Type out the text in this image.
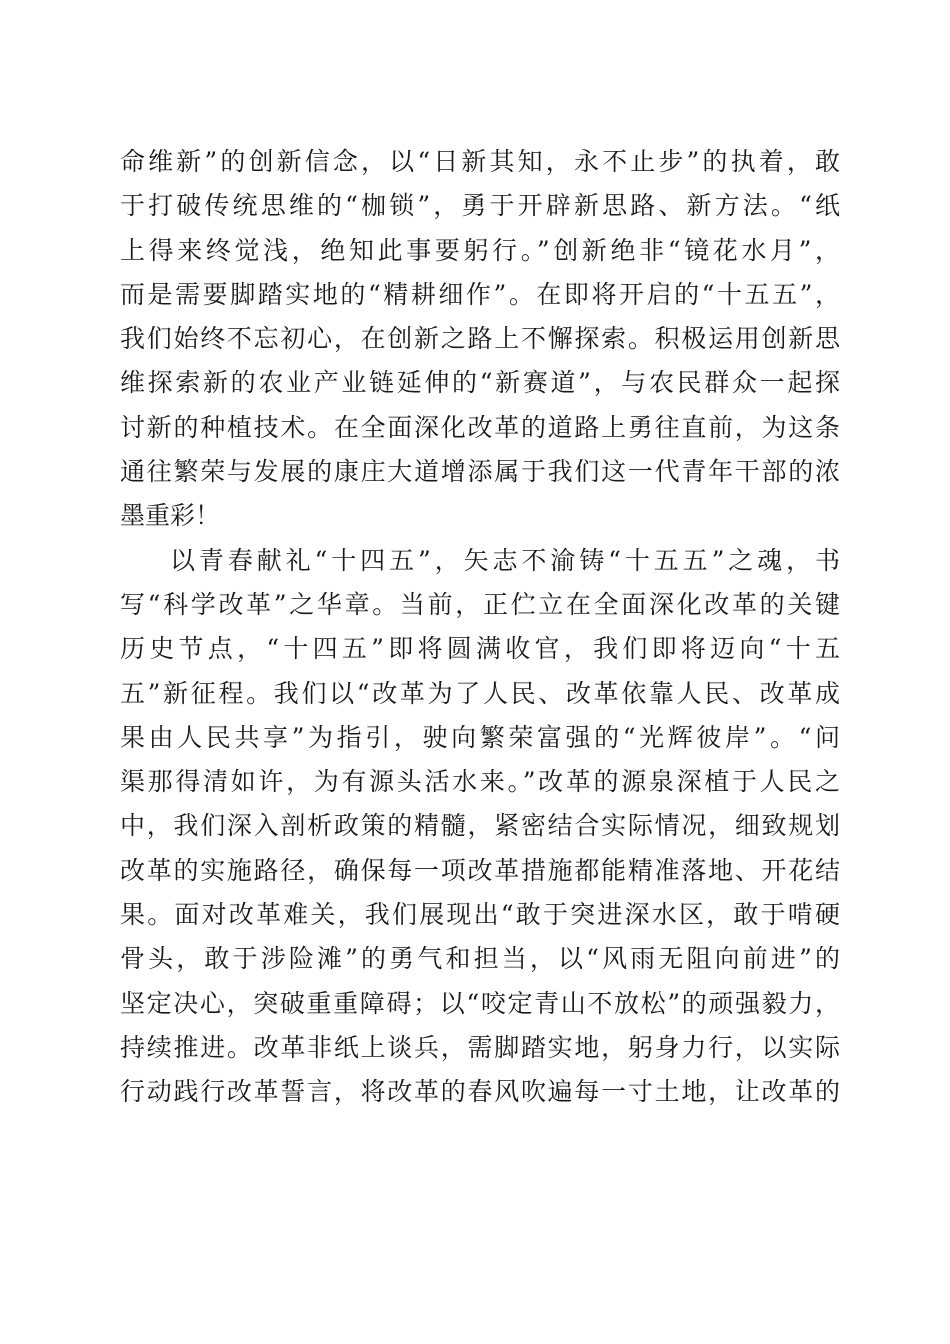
命维新”的创新信念，以“日新其知，永不止步”的执着，敢
于打破传统思维的“枷锁”，勇于开辟新思路、新方法。“纸
上得来终觉浅，绝知此事要躬行。”创新绝非“镜花水月”，
而是需要脚踏实地的“精耕细作”。在即将开启的“十五五”，
我们始终不忘初心，在创新之路上不懈探索。积极运用创新思
维探索新的农业产业链延伸的“新赛道”，与农民群众一起探
讨新的种植技术。在全面深化改革的道路上勇往直前，为这条
通往繁荣与发展的康庄大道增添属于我们这一代青年干部的浓
墨重彩！
以青春献礼“十四五”，矢志不渝铸“十五五”之魂，书
写“科学改革”之华章。当前，正伫立在全面深化改革的关键
历史节点，“十四五”即将圆满收官，我们即将迈向“十五
五”新征程。我们以“改革为了人民、改革依靠人民、改革成
果由人民共享”为指引，驶向繁荣富强的“光辉彼岸”。“问
渠那得清如许，为有源头活水来。”改革的源泉深植于人民之
中，我们深入剖析政策的精髓，紧密结合实际情况，细致规划
改革的实施路径，确保每一项改革措施都能精准落地、开花结
果。面对改革难关，我们展现出“敢于突进深水区，敢于啃硬
骨头，敢于涉险滩”的勇气和担当，以“风雨无阻向前进”的
坚定决心，突破重重障碍；以“咬定青山不放松”的顽强毅力，
持续推进。改革非纸上谈兵，需脚踏实地，躬身力行，以实际
行动践行改革誓言，将改革的春风吹遍每一寸土地，让改革的
